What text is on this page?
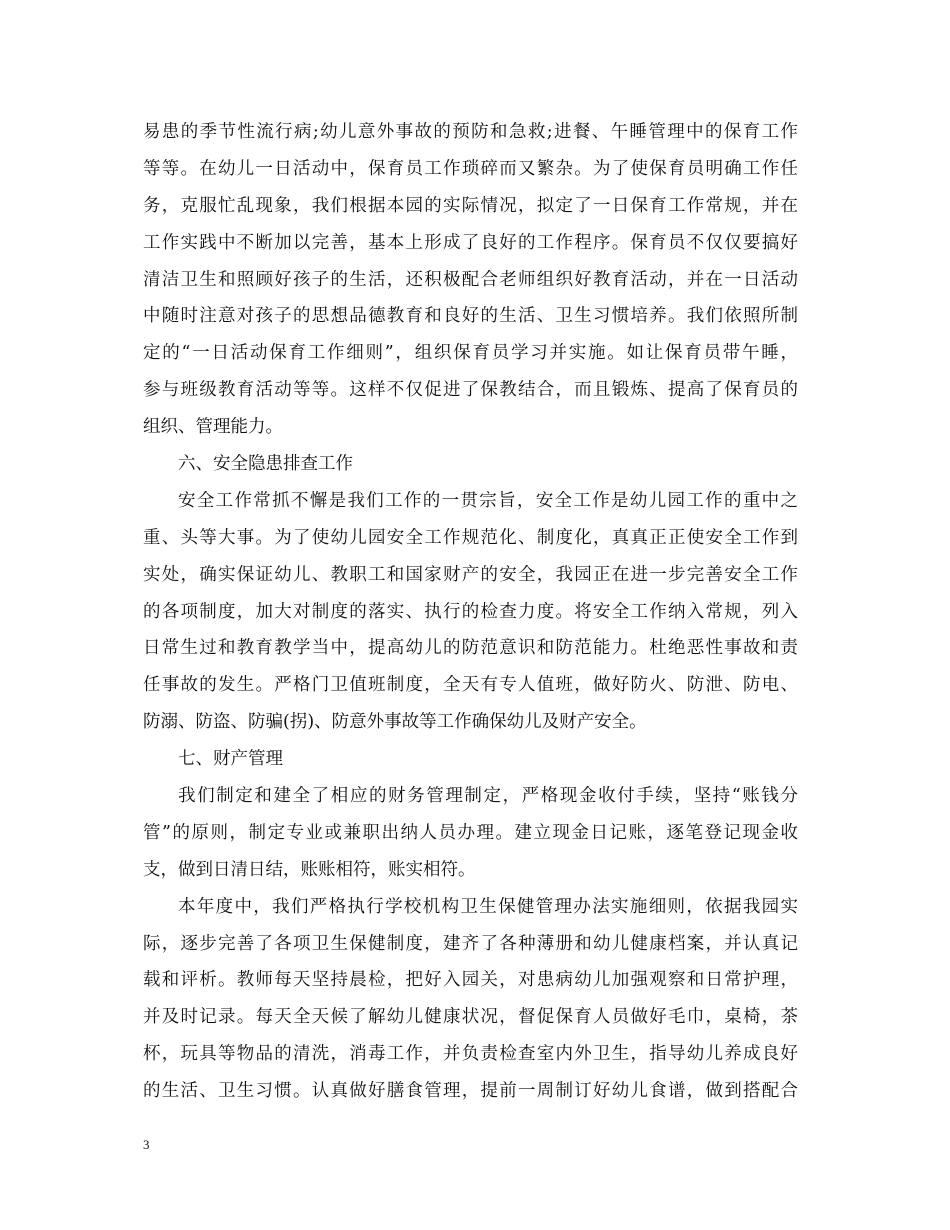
易患的季节性流行病;幼儿意外事故的预防和急救;进餐、午睡管理中的保育工作
等等。在幼儿一日活动中，保育员工作琐碎而又繁杂。为了使保育员明确工作任
务，克服忙乱现象，我们根据本园的实际情况，拟定了一日保育工作常规，并在
工作实践中不断加以完善，基本上形成了良好的工作程序。保育员不仅仅要搞好
清洁卫生和照顾好孩子的生活，还积极配合老师组织好教育活动，并在一日活动
中随时注意对孩子的思想品德教育和良好的生活、卫生习惯培养。我们依照所制
定的“一日活动保育工作细则”，组织保育员学习并实施。如让保育员带午睡，
参与班级教育活动等等。这样不仅促进了保教结合，而且锻炼、提高了保育员的
组织、管理能力。
六、安全隐患排查工作
安全工作常抓不懈是我们工作的一贯宗旨，安全工作是幼儿园工作的重中之
重、头等大事。为了使幼儿园安全工作规范化、制度化，真真正正使安全工作到
实处，确实保证幼儿、教职工和国家财产的安全，我园正在进一步完善安全工作
的各项制度，加大对制度的落实、执行的检查力度。将安全工作纳入常规，列入
日常生过和教育教学当中，提高幼儿的防范意识和防范能力。杜绝恶性事故和责
任事故的发生。严格门卫值班制度，全天有专人值班，做好防火、防泄、防电、
防溺、防盗、防骗(拐)、防意外事故等工作确保幼儿及财产安全。
七、财产管理
我们制定和建全了相应的财务管理制定，严格现金收付手续，坚持“账钱分
管”的原则，制定专业或兼职出纳人员办理。建立现金日记账，逐笔登记现金收
支，做到日清日结，账账相符，账实相符。
本年度中，我们严格执行学校机构卫生保健管理办法实施细则，依据我园实
际，逐步完善了各项卫生保健制度，建齐了各种薄册和幼儿健康档案，并认真记
载和评析。教师每天坚持晨检，把好入园关，对患病幼儿加强观察和日常护理，
并及时记录。每天全天候了解幼儿健康状况，督促保育人员做好毛巾，桌椅，茶
杯，玩具等物品的清洗，消毒工作，并负责检查室内外卫生，指导幼儿养成良好
的生活、卫生习惯。认真做好膳食管理，提前一周制订好幼儿食谱，做到搭配合
3
